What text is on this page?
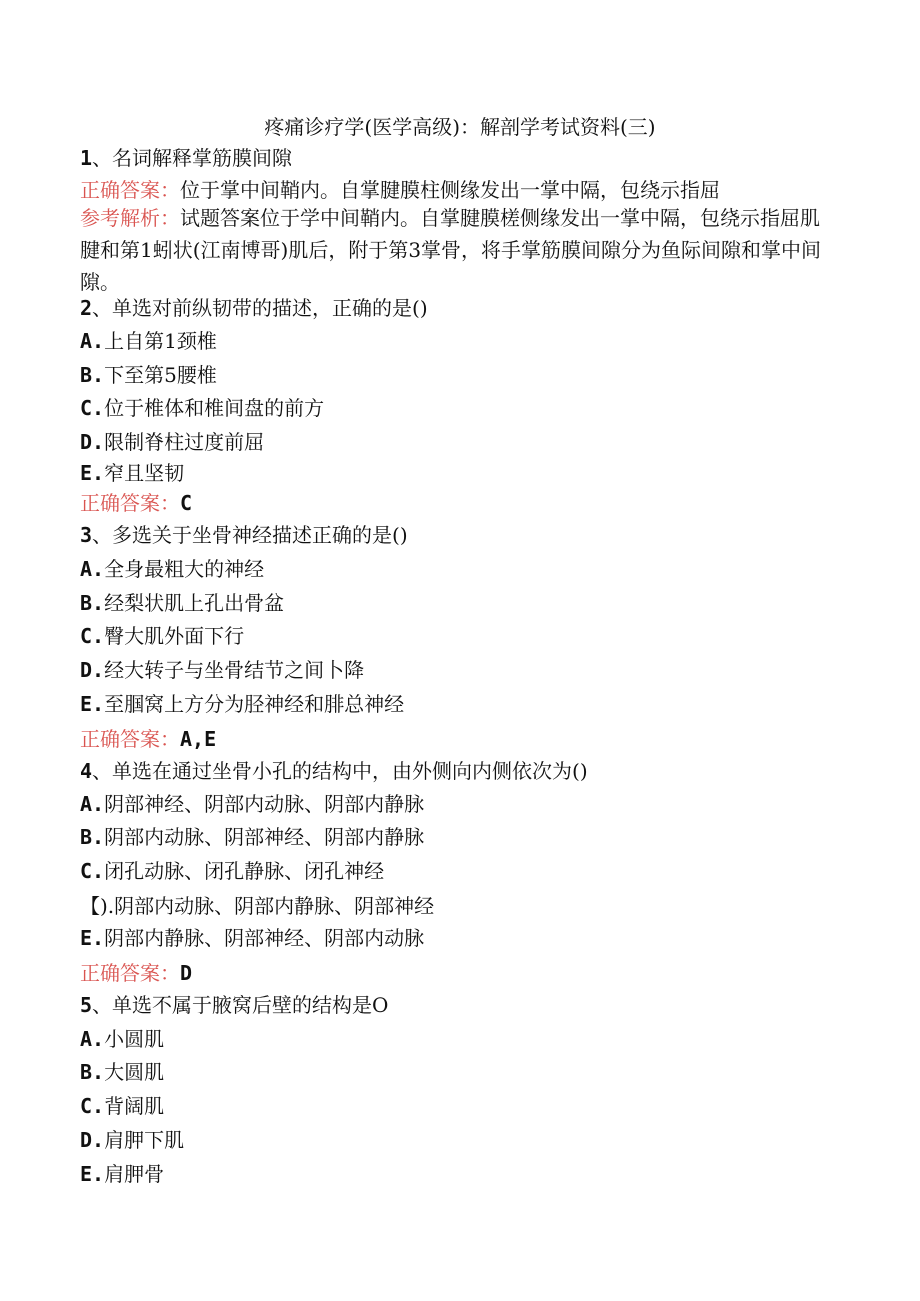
疼痛诊疗学(医学高级)：解剖学考试资料(三)
1、名词解释掌筋膜间隙
正确答案：位于掌中间鞘内。自掌腱膜柱侧缘发出一掌中隔，包绕示指屈
参考解析：试题答案位于学中间鞘内。自掌腱膜槎侧缘发出一掌中隔，包绕示指屈肌腱和第1蚓状(江南博哥)肌后，附于第3掌骨，将手掌筋膜间隙分为鱼际间隙和掌中间隙。
2、单选对前纵韧带的描述，正确的是()
A.上自第1颈椎
B.下至第5腰椎
C.位于椎体和椎间盘的前方
D.限制脊柱过度前屈
E.窄且坚韧
正确答案：C
3、多选关于坐骨神经描述正确的是()
A.全身最粗大的神经
B.经梨状肌上孔出骨盆
C.臀大肌外面下行
D.经大转子与坐骨结节之间卜降
E.至腘窝上方分为胫神经和腓总神经
正确答案：A,E
4、单选在通过坐骨小孔的结构中，由外侧向内侧依次为()
A.阴部神经、阴部内动脉、阴部内静脉
B.阴部内动脉、阴部神经、阴部内静脉
C.闭孔动脉、闭孔静脉、闭孔神经
【).阴部内动脉、阴部内静脉、阴部神经
E.阴部内静脉、阴部神经、阴部内动脉
正确答案：D
5、单选不属于腋窝后壁的结构是O
A.小圆肌
B.大圆肌
C.背阔肌
D.肩胛下肌
E.肩胛骨
